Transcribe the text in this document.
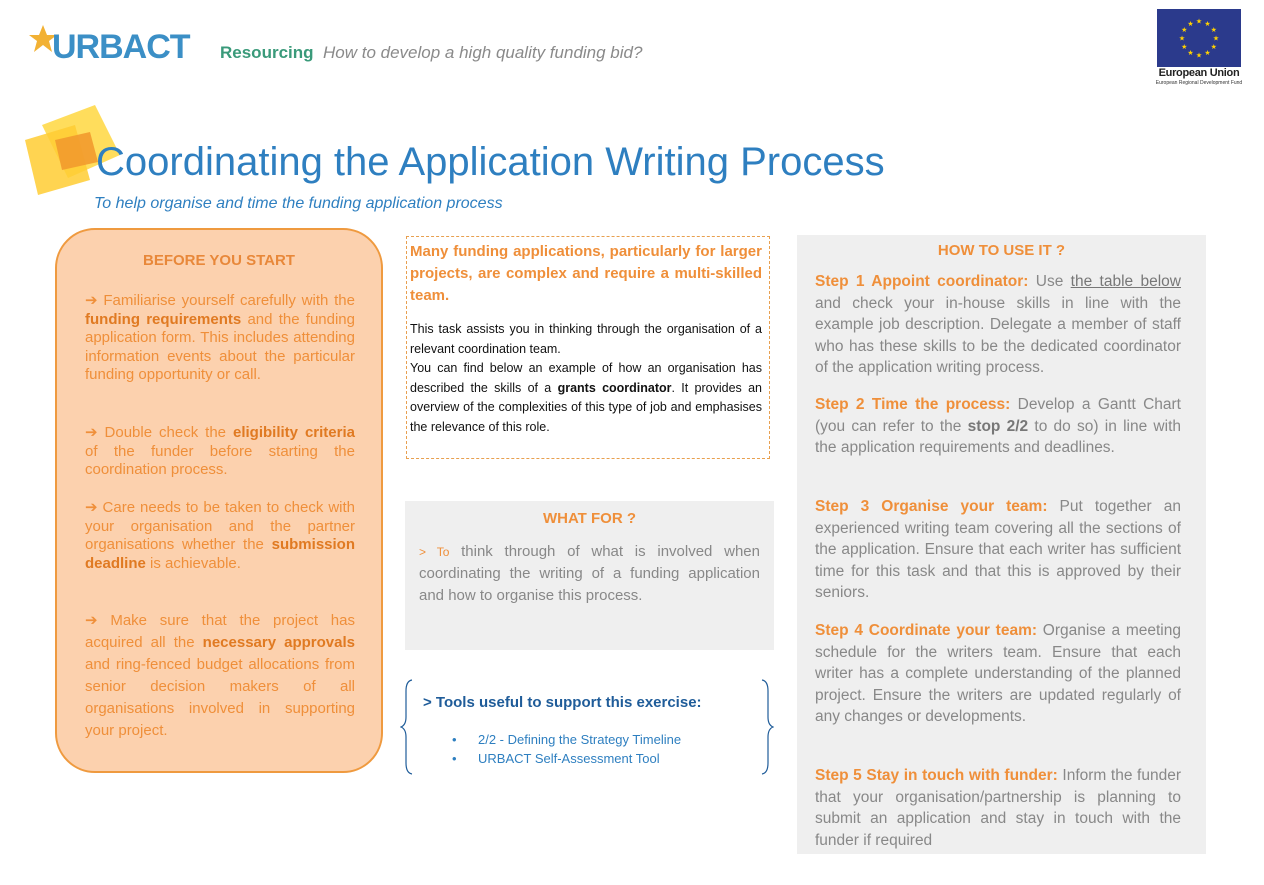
URBACT Resourcing How to develop a high quality funding bid?
★ ★
★
★
★
★
★
★
★
★
★
★
European Union
European Regional Development Fund
Coordinating the Application Writing Process
To help organise and time the funding application process
BEFORE YOU START
➔ Familiarise yourself carefully with the funding requirements and the funding application form. This includes attending information events about the particular funding opportunity or call.
➔ Double check the eligibility criteria of the funder before starting the coordination process.
➔ Care needs to be taken to check with your organisation and the partner organisations whether the submission deadline is achievable.
➔ Make sure that the project has acquired all the necessary approvals and ring-fenced budget allocations from senior decision makers of all organisations involved in supporting your project.
Many funding applications, particularly for larger projects, are complex and require a multi-skilled team.
This task assists you in thinking through the organisation of a relevant coordination team.
You can find below an example of how an organisation has described the skills of a grants coordinator. It provides an overview of the complexities of this type of job and emphasises the relevance of this role.
WHAT FOR ?
> To think through of what is involved when coordinating the writing of a funding application and how to organise this process.
> Tools useful to support this exercise:
• 2/2 - Defining the Strategy Timeline
• URBACT Self-Assessment Tool
HOW TO USE IT ?
Step 1 Appoint coordinator: Use the table below and check your in-house skills in line with the example job description. Delegate a member of staff who has these skills to be the dedicated coordinator of the application writing process.
Step 2 Time the process: Develop a Gantt Chart (you can refer to the stop 2/2 to do so) in line with the application requirements and deadlines.
Step 3 Organise your team: Put together an experienced writing team covering all the sections of the application. Ensure that each writer has sufficient time for this task and that this is approved by their seniors.
Step 4 Coordinate your team: Organise a meeting schedule for the writers team. Ensure that each writer has a complete understanding of the planned project. Ensure the writers are updated regularly of any changes or developments.
Step 5 Stay in touch with funder: Inform the funder that your organisation/partnership is planning to submit an application and stay in touch with the funder if required
